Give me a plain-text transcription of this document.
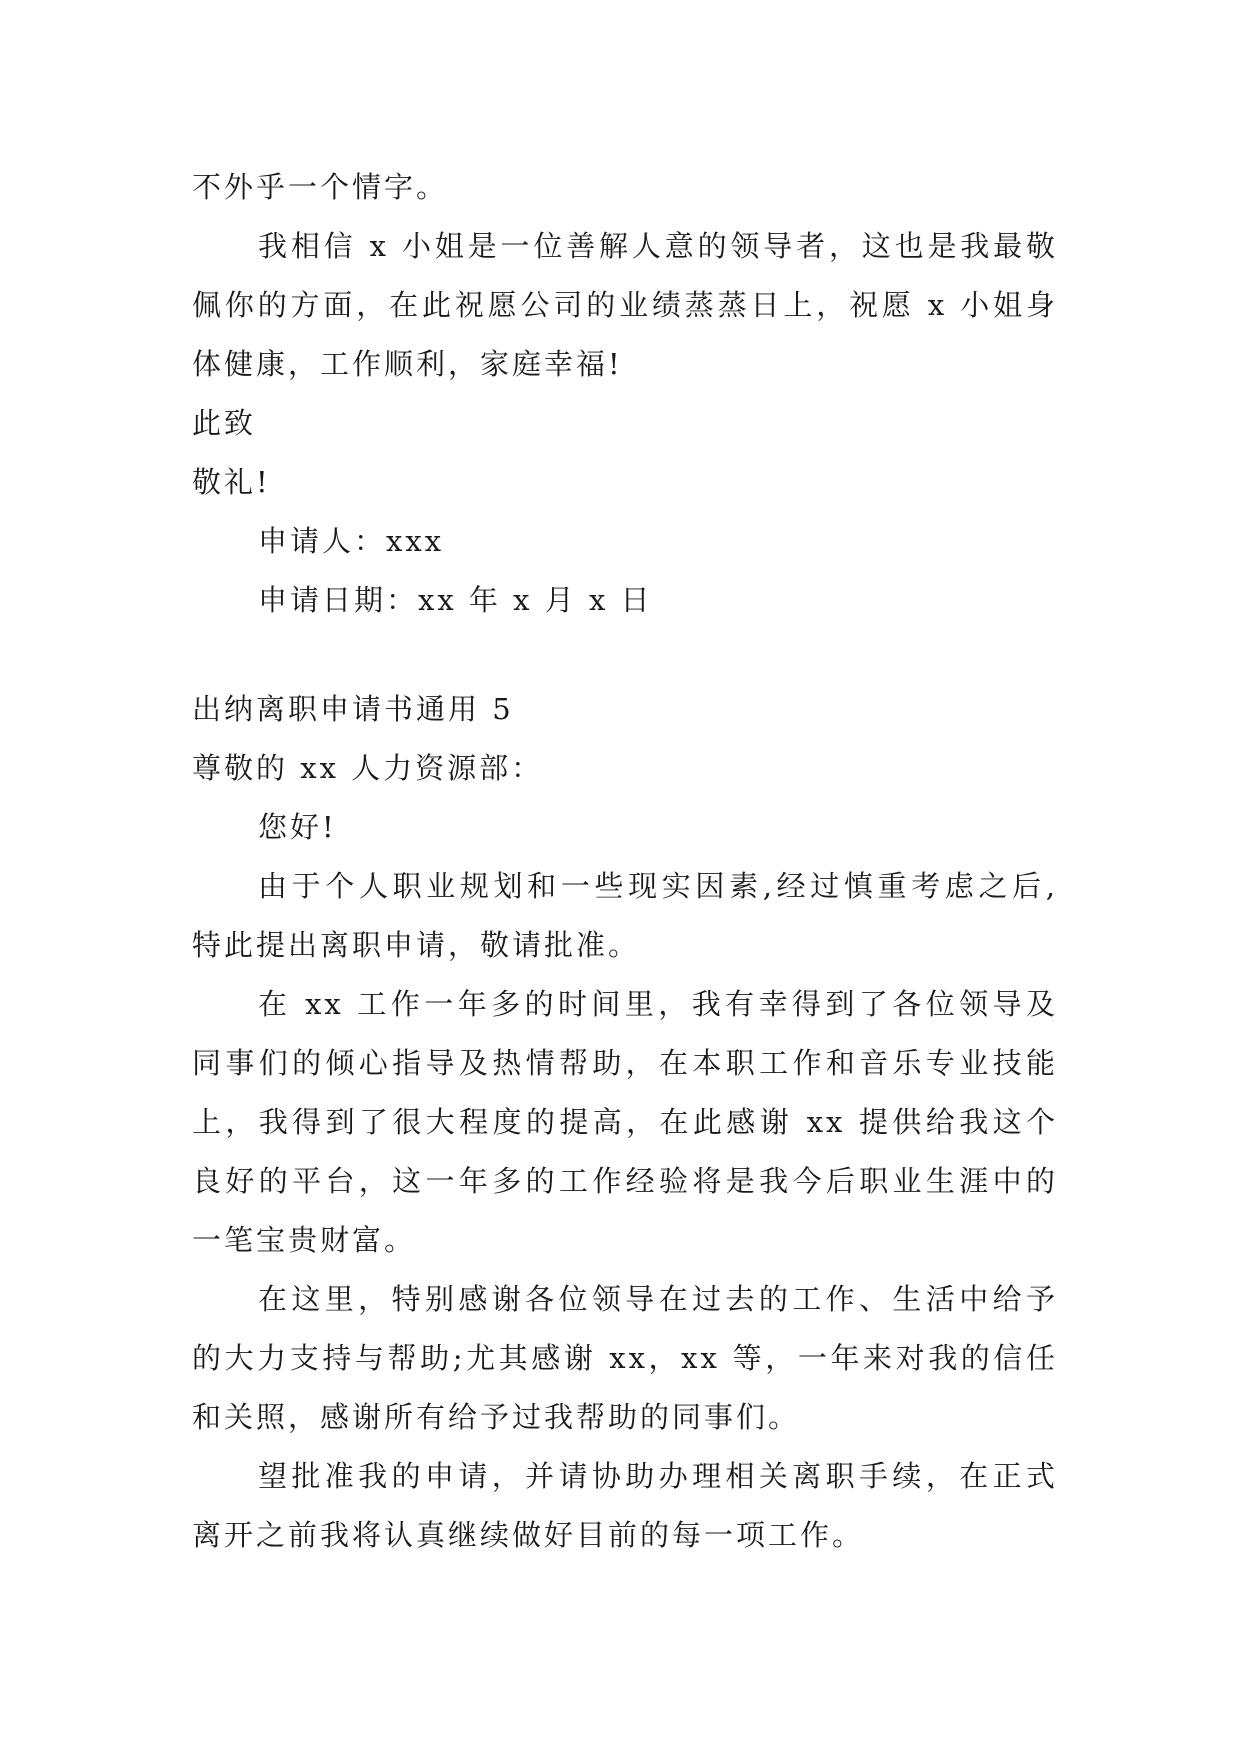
不外乎一个情字。
我相信 x 小姐是一位善解人意的领导者，这也是我最敬
佩你的方面，在此祝愿公司的业绩蒸蒸日上，祝愿 x 小姐身
体健康，工作顺利，家庭幸福!
此致
敬礼!
申请人：xxx
申请日期：xx 年 x 月 x 日
出纳离职申请书通用 5
尊敬的 xx 人力资源部：
您好!
由于个人职业规划和一些现实因素,经过慎重考虑之后,
特此提出离职申请，敬请批准。
在 xx 工作一年多的时间里，我有幸得到了各位领导及
同事们的倾心指导及热情帮助，在本职工作和音乐专业技能
上，我得到了很大程度的提高，在此感谢 xx 提供给我这个
良好的平台，这一年多的工作经验将是我今后职业生涯中的
一笔宝贵财富。
在这里，特别感谢各位领导在过去的工作、生活中给予
的大力支持与帮助;尤其感谢 xx，xx 等，一年来对我的信任
和关照，感谢所有给予过我帮助的同事们。
望批准我的申请，并请协助办理相关离职手续，在正式
离开之前我将认真继续做好目前的每一项工作。
